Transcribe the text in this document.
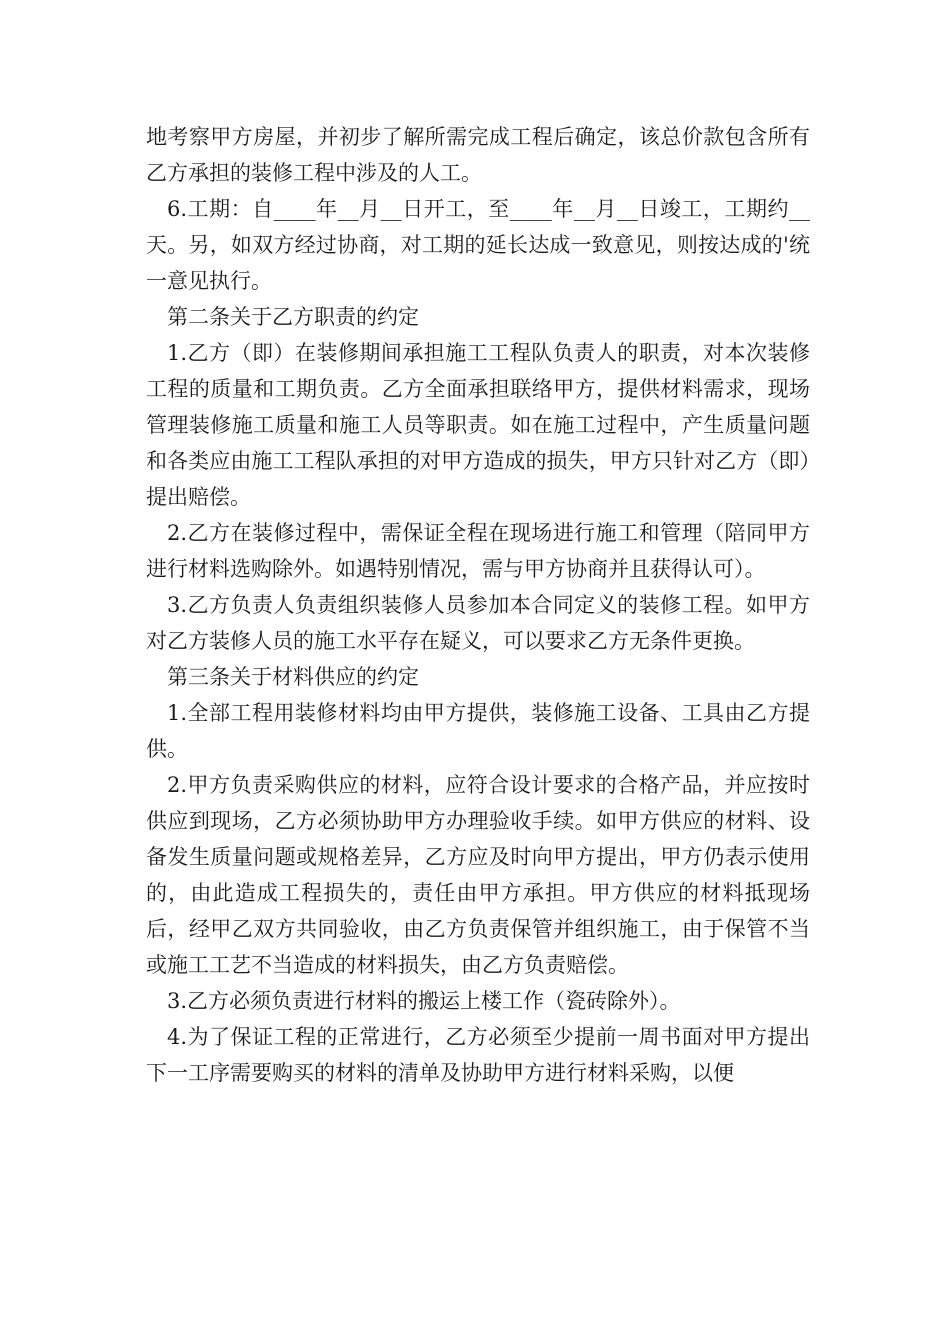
地考察甲方房屋，并初步了解所需完成工程后确定，该总价款包含所有乙方承担的装修工程中涉及的人工。

6.工期：自____年__月__日开工，至____年__月__日竣工，工期约__天。另，如双方经过协商，对工期的延长达成一致意见，则按达成的'统一意见执行。

第二条关于乙方职责的约定

1.乙方（即）在装修期间承担施工工程队负责人的职责，对本次装修工程的质量和工期负责。乙方全面承担联络甲方，提供材料需求，现场管理装修施工质量和施工人员等职责。如在施工过程中，产生质量问题和各类应由施工工程队承担的对甲方造成的损失，甲方只针对乙方（即）提出赔偿。

2.乙方在装修过程中，需保证全程在现场进行施工和管理（陪同甲方进行材料选购除外。如遇特别情况，需与甲方协商并且获得认可）。

3.乙方负责人负责组织装修人员参加本合同定义的装修工程。如甲方对乙方装修人员的施工水平存在疑义，可以要求乙方无条件更换。

第三条关于材料供应的约定

1.全部工程用装修材料均由甲方提供，装修施工设备、工具由乙方提供。

2.甲方负责采购供应的材料，应符合设计要求的合格产品，并应按时供应到现场，乙方必须协助甲方办理验收手续。如甲方供应的材料、设备发生质量问题或规格差异，乙方应及时向甲方提出，甲方仍表示使用的，由此造成工程损失的，责任由甲方承担。甲方供应的材料抵现场后，经甲乙双方共同验收，由乙方负责保管并组织施工，由于保管不当或施工工艺不当造成的材料损失，由乙方负责赔偿。

3.乙方必须负责进行材料的搬运上楼工作（瓷砖除外）。

4.为了保证工程的正常进行，乙方必须至少提前一周书面对甲方提出下一工序需要购买的材料的清单及协助甲方进行材料采购，以便
